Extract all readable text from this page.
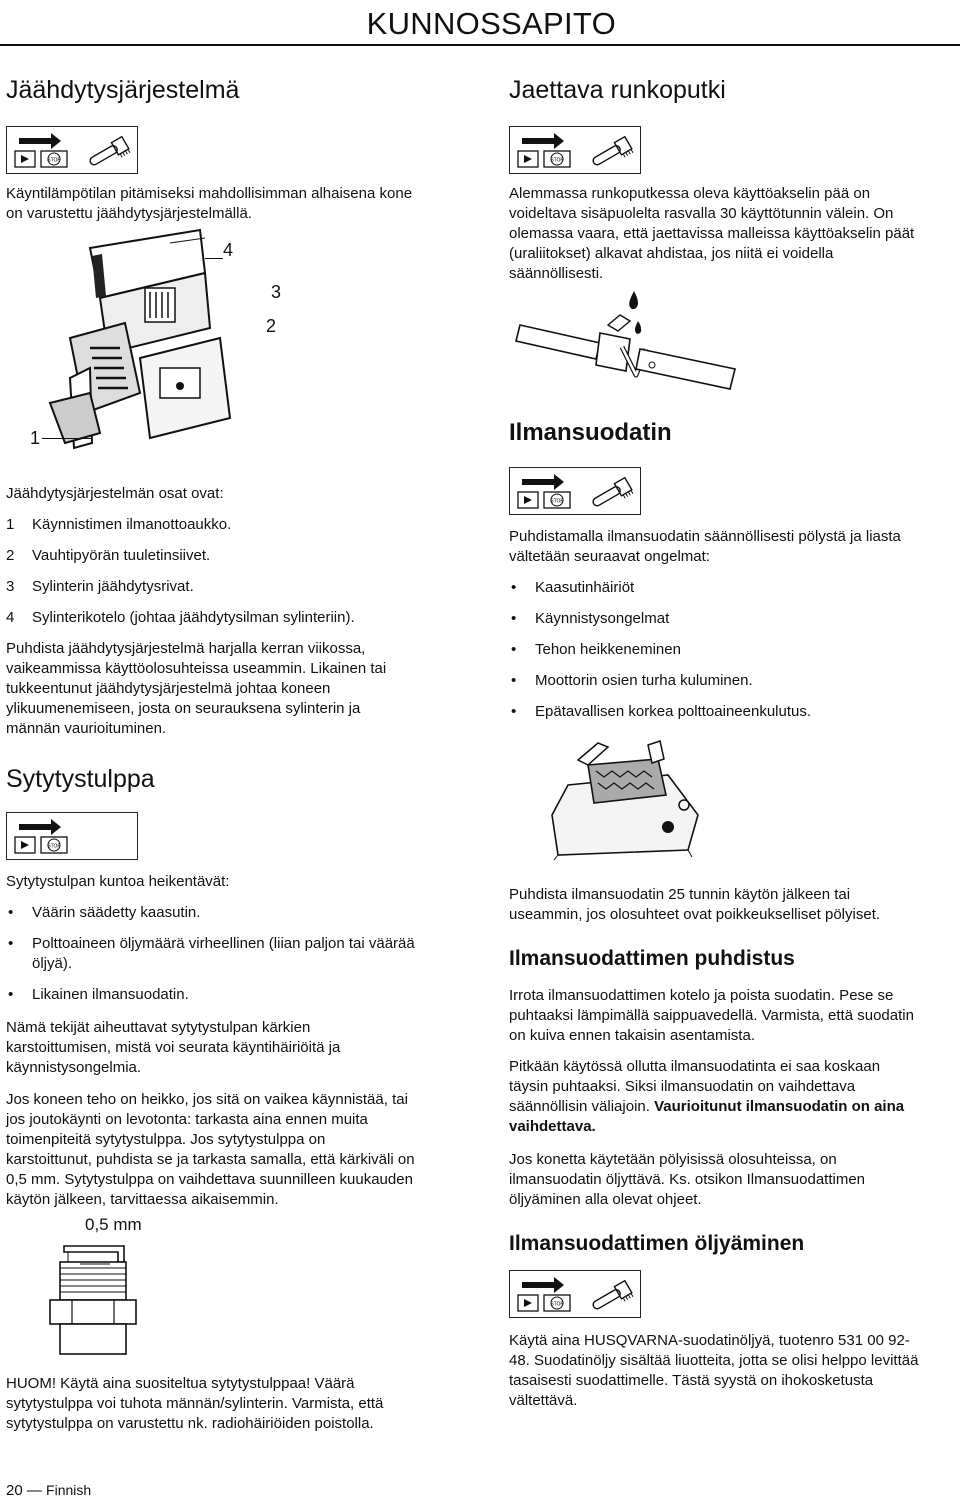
KUNNOSSAPITO
Jäähdytysjärjestelmä
STOP
Käyntilämpötilan pitämiseksi mahdollisimman alhaisena kone
on varustettu jäähdytysjärjestelmällä.
4
3
2
1
Jäähdytysjärjestelmän osat ovat:
1 Käynnistimen ilmanottoaukko.
2 Vauhtipyörän tuuletinsiivet.
3 Sylinterin jäähdytysrivat.
4 Sylinterikotelo (johtaa jäähdytysilman sylinteriin).
Puhdista jäähdytysjärjestelmä harjalla kerran viikossa,
vaikeammissa käyttöolosuhteissa useammin. Likainen tai
tukkeentunut jäähdytysjärjestelmä johtaa koneen
ylikuumenemiseen, josta on seurauksena sylinterin ja
männän vaurioituminen.
Sytytystulppa
STOP
Sytytystulpan kuntoa heikentävät:
• Väärin säädetty kaasutin.
• Polttoaineen öljymäärä virheellinen (liian paljon tai väärää
öljyä).
• Likainen ilmansuodatin.
Nämä tekijät aiheuttavat sytytystulpan kärkien
karstoittumisen, mistä voi seurata käyntihäiriöitä ja
käynnistysongelmia.
Jos koneen teho on heikko, jos sitä on vaikea käynnistää, tai
jos joutokäynti on levotonta: tarkasta aina ennen muita
toimenpiteitä sytytystulppa. Jos sytytystulppa on
karstoittunut, puhdista se ja tarkasta samalla, että kärkiväli on
0,5 mm. Sytytystulppa on vaihdettava suunnilleen kuukauden
käytön jälkeen, tarvittaessa aikaisemmin.
0,5 mm
HUOM! Käytä aina suositeltua sytytystulppaa! Väärä
sytytystulppa voi tuhota männän/sylinterin. Varmista, että
sytytystulppa on varustettu nk. radiohäiriöiden poistolla.
20 — Finnish
Jaettava runkoputki
STOP
Alemmassa runkoputkessa oleva käyttöakselin pää on
voideltava sisäpuolelta rasvalla 30 käyttötunnin välein. On
olemassa vaara, että jaettavissa malleissa käyttöakselin päät
(uraliitokset) alkavat ahdistaa, jos niitä ei voidella
säännöllisesti.
Ilmansuodatin
STOP
Puhdistamalla ilmansuodatin säännöllisesti pölystä ja liasta
vältetään seuraavat ongelmat:
• Kaasutinhäiriöt
• Käynnistysongelmat
• Tehon heikkeneminen
• Moottorin osien turha kuluminen.
• Epätavallisen korkea polttoaineenkulutus.
Puhdista ilmansuodatin 25 tunnin käytön jälkeen tai
useammin, jos olosuhteet ovat poikkeukselliset pölyiset.
Ilmansuodattimen puhdistus
Irrota ilmansuodattimen kotelo ja poista suodatin. Pese se
puhtaaksi lämpimällä saippuavedellä. Varmista, että suodatin
on kuiva ennen takaisin asentamista.
Pitkään käytössä ollutta ilmansuodatinta ei saa koskaan
täysin puhtaaksi. Siksi ilmansuodatin on vaihdettava
säännöllisin väliajoin. Vaurioitunut ilmansuodatin on aina
vaihdettava.
Jos konetta käytetään pölyisissä olosuhteissa, on
ilmansuodatin öljyttävä. Ks. otsikon Ilmansuodattimen
öljyäminen alla olevat ohjeet.
Ilmansuodattimen öljyäminen
STOP
Käytä aina HUSQVARNA-suodatinöljyä, tuotenro 531 00 92-
48. Suodatinöljy sisältää liuotteita, jotta se olisi helppo levittää
tasaisesti suodattimelle. Tästä syystä on ihokosketusta
vältettävä.
